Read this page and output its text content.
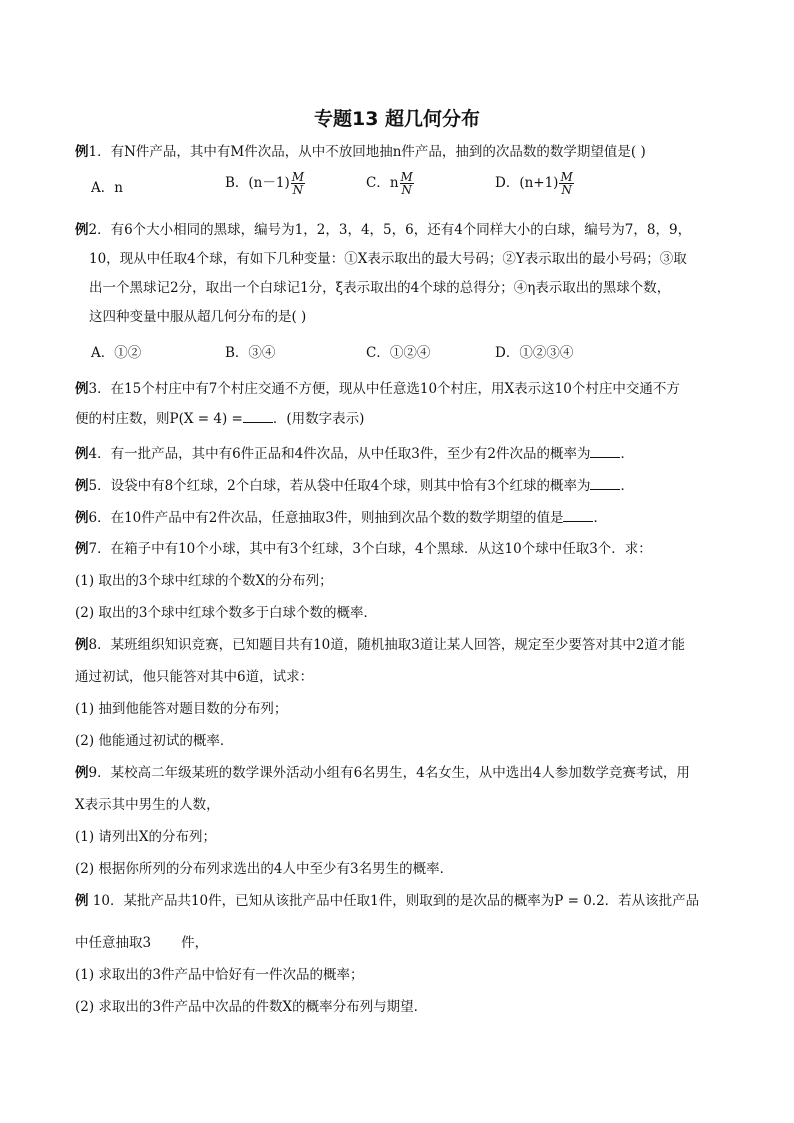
专题13 超几何分布
例1．有N件产品，其中有M件次品，从中不放回地抽n件产品，抽到的次品数的数学期望值是( )
A．n	B．$(n-1) \frac{M}{N}$	C．n $\frac{M}{N}$	D．$(n+1) \frac{M}{N}$
例2．有6个大小相同的黑球，编号为1，2，3，4，5，6，还有4个同样大小的白球，编号为7，8，9，
10，现从中任取4个球，有如下几种变量：①X表示取出的最大号码；②Y表示取出的最小号码；③取
出一个黑球记2分，取出一个白球记1分，ξ表示取出的4个球的总得分；④η表示取出的黑球个数，
这四种变量中服从超几何分布的是( )
A．①②	B．③④	C．①②④	D．①②③④
例3．在15个村庄中有7个村庄交通不方便，现从中任意选10个村庄，用X表示这10个村庄中交通不方
便的村庄数，则P(X = 4) = ．(用数字表示)
例4．有一批产品，其中有6件正品和4件次品，从中任取3件，至少有2件次品的概率为 ．
例5．设袋中有8个红球，2个白球，若从袋中任取4个球，则其中恰有3个红球的概率为 ．
例6．在10件产品中有2件次品，任意抽取3件，则抽到次品个数的数学期望的值是 ．
例7．在箱子中有10个小球，其中有3个红球，3个白球，4个黑球．从这10个球中任取3个．求：
(1) 取出的3个球中红球的个数X的分布列；
(2) 取出的3个球中红球个数多于白球个数的概率．
例8．某班组织知识竞赛，已知题目共有10道，随机抽取3道让某人回答，规定至少要答对其中2道才能
通过初试，他只能答对其中6道，试求：
(1) 抽到他能答对题目数的分布列；
(2) 他能通过初试的概率．
例9．某校高二年级某班的数学课外活动小组有6名男生，4名女生，从中选出4人参加数学竞赛考试，用
X表示其中男生的人数，
(1) 请列出X的分布列；
(2) 根据你所列的分布列求选出的4人中至少有3名男生的概率．
例 10．某批产品共10件，已知从该批产品中任取1件，则取到的是次品的概率为P = 0.2．若从该批产品
中任意抽取3       件，
(1) 求取出的3件产品中恰好有一件次品的概率；
(2) 求取出的3件产品中次品的件数X的概率分布列与期望．
